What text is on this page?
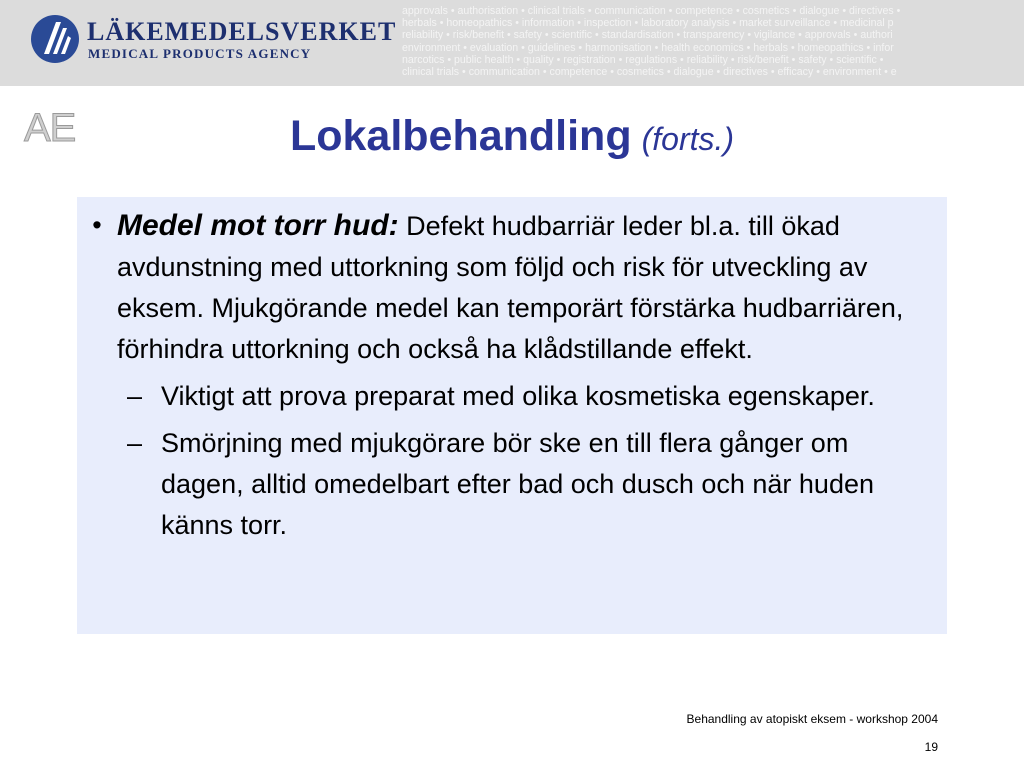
LÄKEMEDELSVERKET
MEDICAL PRODUCTS AGENCY
approvals • authorisation • clinical trials • communication • competence • cosmetics • dialogue • directives •
herbals • homeopathics • information • inspection • laboratory analysis • market surveillance • medicinal p
reliability • risk/benefit • safety • scientific • standardisation • transparency • vigilance • approvals • authori
environment • evaluation • guidelines • harmonisation • health economics • herbals • homeopathics • infor
narcotics • public health • quality • registration • regulations • reliability • risk/benefit • safety • scientific •
clinical trials • communication • competence • cosmetics • dialogue • directives • efficacy • environment • e
AE	Lokalbehandling (forts.)
• Medel mot torr hud: Defekt hudbarriär leder bl.a. till ökad avdunstning med uttorkning som följd och risk för utveckling av eksem. Mjukgörande medel kan temporärt förstärka hudbarriären, förhindra uttorkning och också ha klådstillande effekt.
– Viktigt att prova preparat med olika kosmetiska egenskaper.
– Smörjning med mjukgörare bör ske en till flera gånger om dagen, alltid omedelbart efter bad och dusch och när huden känns torr.
Behandling av atopiskt eksem - workshop 2004
19
